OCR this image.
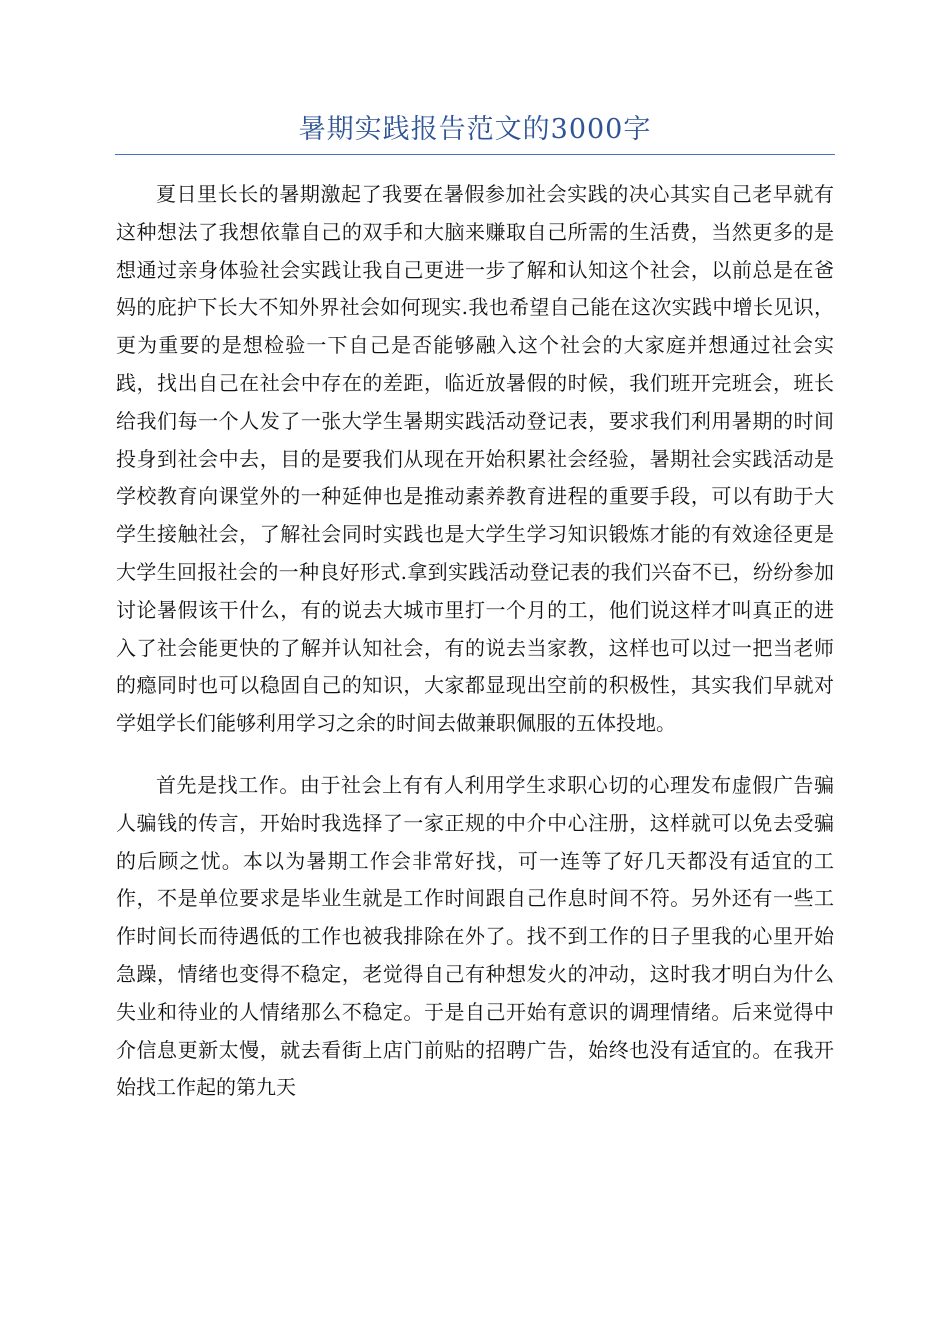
暑期实践报告范文的3000字

夏日里长长的暑期激起了我要在暑假参加社会实践的决心其实自己老早就有这种想法了我想依靠自己的双手和大脑来赚取自己所需的生活费，当然更多的是想通过亲身体验社会实践让我自己更进一步了解和认知这个社会，以前总是在爸妈的庇护下长大不知外界社会如何现实.我也希望自己能在这次实践中增长见识，更为重要的是想检验一下自己是否能够融入这个社会的大家庭并想通过社会实践，找出自己在社会中存在的差距，临近放暑假的时候，我们班开完班会，班长给我们每一个人发了一张大学生暑期实践活动登记表，要求我们利用暑期的时间投身到社会中去，目的是要我们从现在开始积累社会经验，暑期社会实践活动是学校教育向课堂外的一种延伸也是推动素养教育进程的重要手段，可以有助于大学生接触社会，了解社会同时实践也是大学生学习知识锻炼才能的有效途径更是大学生回报社会的一种良好形式.拿到实践活动登记表的我们兴奋不已，纷纷参加讨论暑假该干什么，有的说去大城市里打一个月的工，他们说这样才叫真正的进入了社会能更快的了解并认知社会，有的说去当家教，这样也可以过一把当老师的瘾同时也可以稳固自己的知识，大家都显现出空前的积极性，其实我们早就对学姐学长们能够利用学习之余的时间去做兼职佩服的五体投地。

首先是找工作。由于社会上有有人利用学生求职心切的心理发布虚假广告骗人骗钱的传言，开始时我选择了一家正规的中介中心注册，这样就可以免去受骗的后顾之忧。本以为暑期工作会非常好找，可一连等了好几天都没有适宜的工作，不是单位要求是毕业生就是工作时间跟自己作息时间不符。另外还有一些工作时间长而待遇低的工作也被我排除在外了。找不到工作的日子里我的心里开始急躁，情绪也变得不稳定，老觉得自己有种想发火的冲动，这时我才明白为什么失业和待业的人情绪那么不稳定。于是自己开始有意识的调理情绪。后来觉得中介信息更新太慢，就去看街上店门前贴的招聘广告，始终也没有适宜的。在我开始找工作起的第九天
